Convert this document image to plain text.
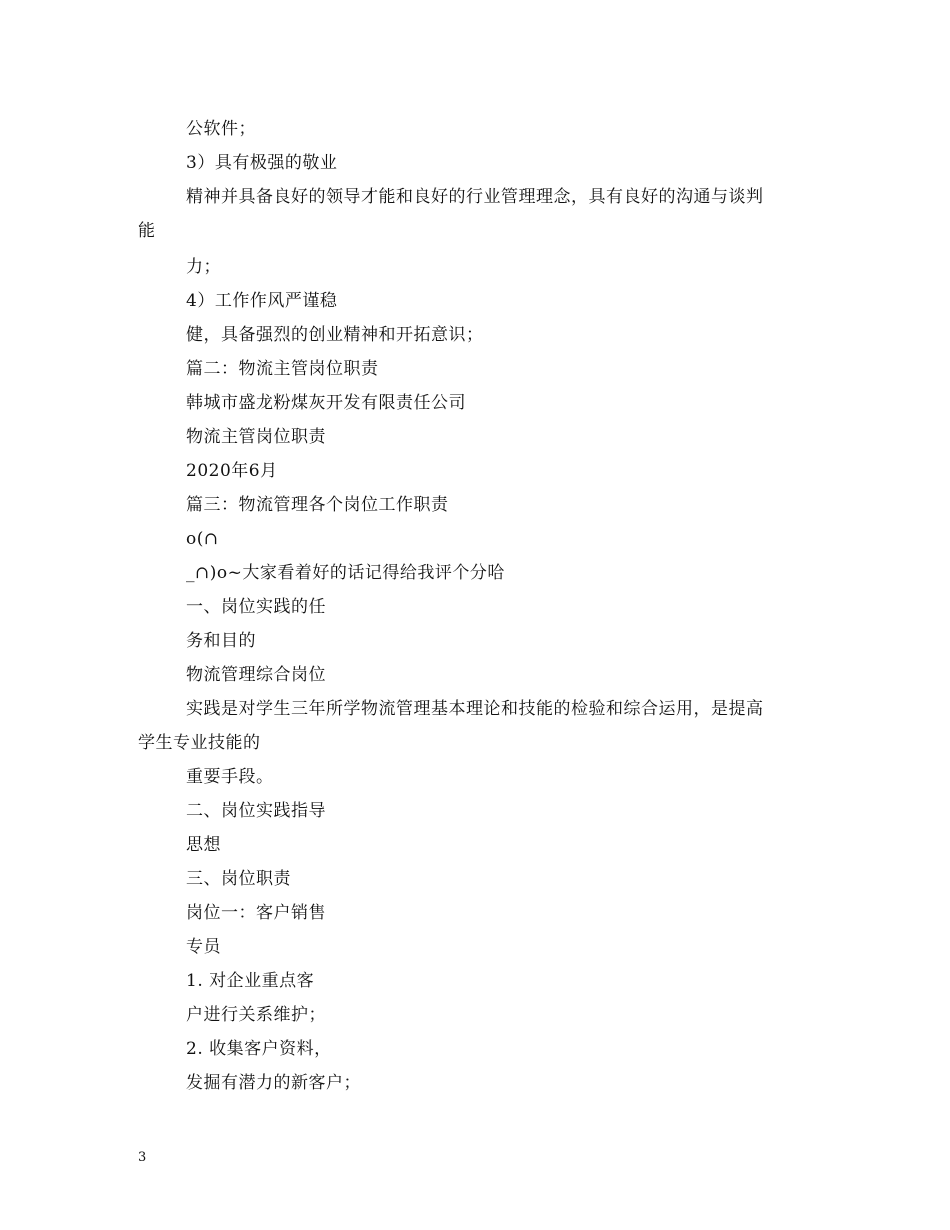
公软件；
3）具有极强的敬业
精神并具备良好的领导才能和良好的行业管理理念，具有良好的沟通与谈判
能
力；
4）工作作风严谨稳
健，具备强烈的创业精神和开拓意识；
篇二：物流主管岗位职责
韩城市盛龙粉煤灰开发有限责任公司
物流主管岗位职责
2020年6月
篇三：物流管理各个岗位工作职责
o(∩
_∩)o~大家看着好的话记得给我评个分哈
一、岗位实践的任
务和目的
物流管理综合岗位
实践是对学生三年所学物流管理基本理论和技能的检验和综合运用，是提高
学生专业技能的
重要手段。
二、岗位实践指导
思想
三、岗位职责
岗位一：客户销售
专员
1. 对企业重点客
户进行关系维护；
2. 收集客户资料，
发掘有潜力的新客户；
3
